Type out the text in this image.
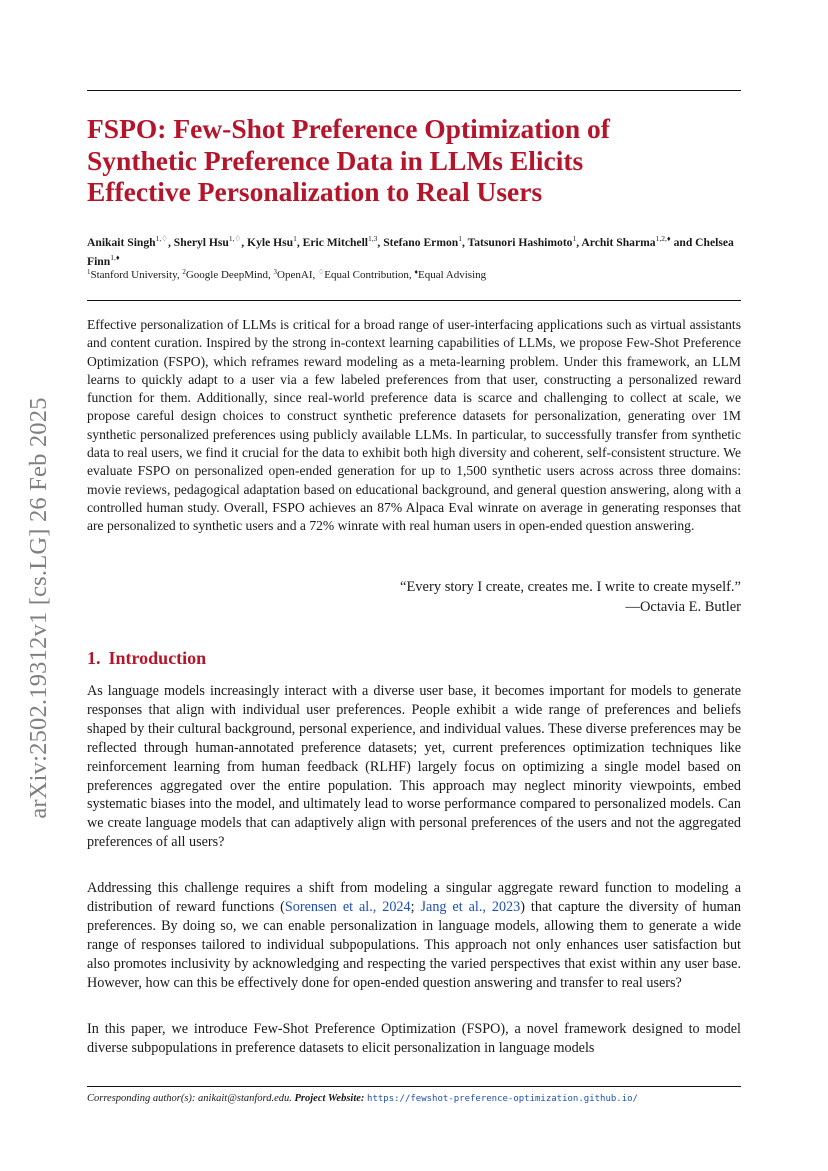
arXiv:2502.19312v1 [cs.LG] 26 Feb 2025
FSPO: Few-Shot Preference Optimization of
Synthetic Preference Data in LLMs Elicits
Effective Personalization to Real Users
Anikait Singh$^{1,♢}$, Sheryl Hsu$^{1,♢}$, Kyle Hsu$^1$, Eric Mitchell$^{1,3}$, Stefano Ermon$^1$, Tatsunori Hashimoto$^1$, Archit Sharma$^{1,2,♦}$ and Chelsea Finn$^{1,♦}$
$^1$Stanford University, $^2$Google DeepMind, $^3$OpenAI, ♢Equal Contribution, ♦Equal Advising

Effective personalization of LLMs is critical for a broad range of user-interfacing applications such as virtual assistants and content curation. Inspired by the strong in-context learning capabilities of LLMs, we propose Few-Shot Preference Optimization (FSPO), which reframes reward modeling as a meta-learning problem. Under this framework, an LLM learns to quickly adapt to a user via a few labeled preferences from that user, constructing a personalized reward function for them. Additionally, since real-world preference data is scarce and challenging to collect at scale, we propose careful design choices to construct synthetic preference datasets for personalization, generating over 1M synthetic personalized preferences using publicly available LLMs. In particular, to successfully transfer from synthetic data to real users, we find it crucial for the data to exhibit both high diversity and coherent, self-consistent structure. We evaluate FSPO on personalized open-ended generation for up to 1,500 synthetic users across across three domains: movie reviews, pedagogical adaptation based on educational background, and general question answering, along with a controlled human study. Overall, FSPO achieves an 87% Alpaca Eval winrate on average in generating responses that are personalized to synthetic users and a 72% winrate with real human users in open-ended question answering.

“Every story I create, creates me. I write to create myself.”
—Octavia E. Butler
1. Introduction

As language models increasingly interact with a diverse user base, it becomes important for models to generate responses that align with individual user preferences. People exhibit a wide range of preferences and beliefs shaped by their cultural background, personal experience, and individual values. These diverse preferences may be reflected through human-annotated preference datasets; yet, current preferences optimization techniques like reinforcement learning from human feedback (RLHF) largely focus on optimizing a single model based on preferences aggregated over the entire population. This approach may neglect minority viewpoints, embed systematic biases into the model, and ultimately lead to worse performance compared to personalized models. Can we create language models that can adaptively align with personal preferences of the users and not the aggregated preferences of all users?

Addressing this challenge requires a shift from modeling a singular aggregate reward function to modeling a distribution of reward functions (Sorensen et al., 2024; Jang et al., 2023) that capture the diversity of human preferences. By doing so, we can enable personalization in language models, allowing them to generate a wide range of responses tailored to individual subpopulations. This approach not only enhances user satisfaction but also promotes inclusivity by acknowledging and respecting the varied perspectives that exist within any user base. However, how can this be effectively done for open-ended question answering and transfer to real users?

In this paper, we introduce Few-Shot Preference Optimization (FSPO), a novel framework designed to model diverse subpopulations in preference datasets to elicit personalization in language models

Corresponding author(s): anikait@stanford.edu. Project Website: https://fewshot-preference-optimization.github.io/
